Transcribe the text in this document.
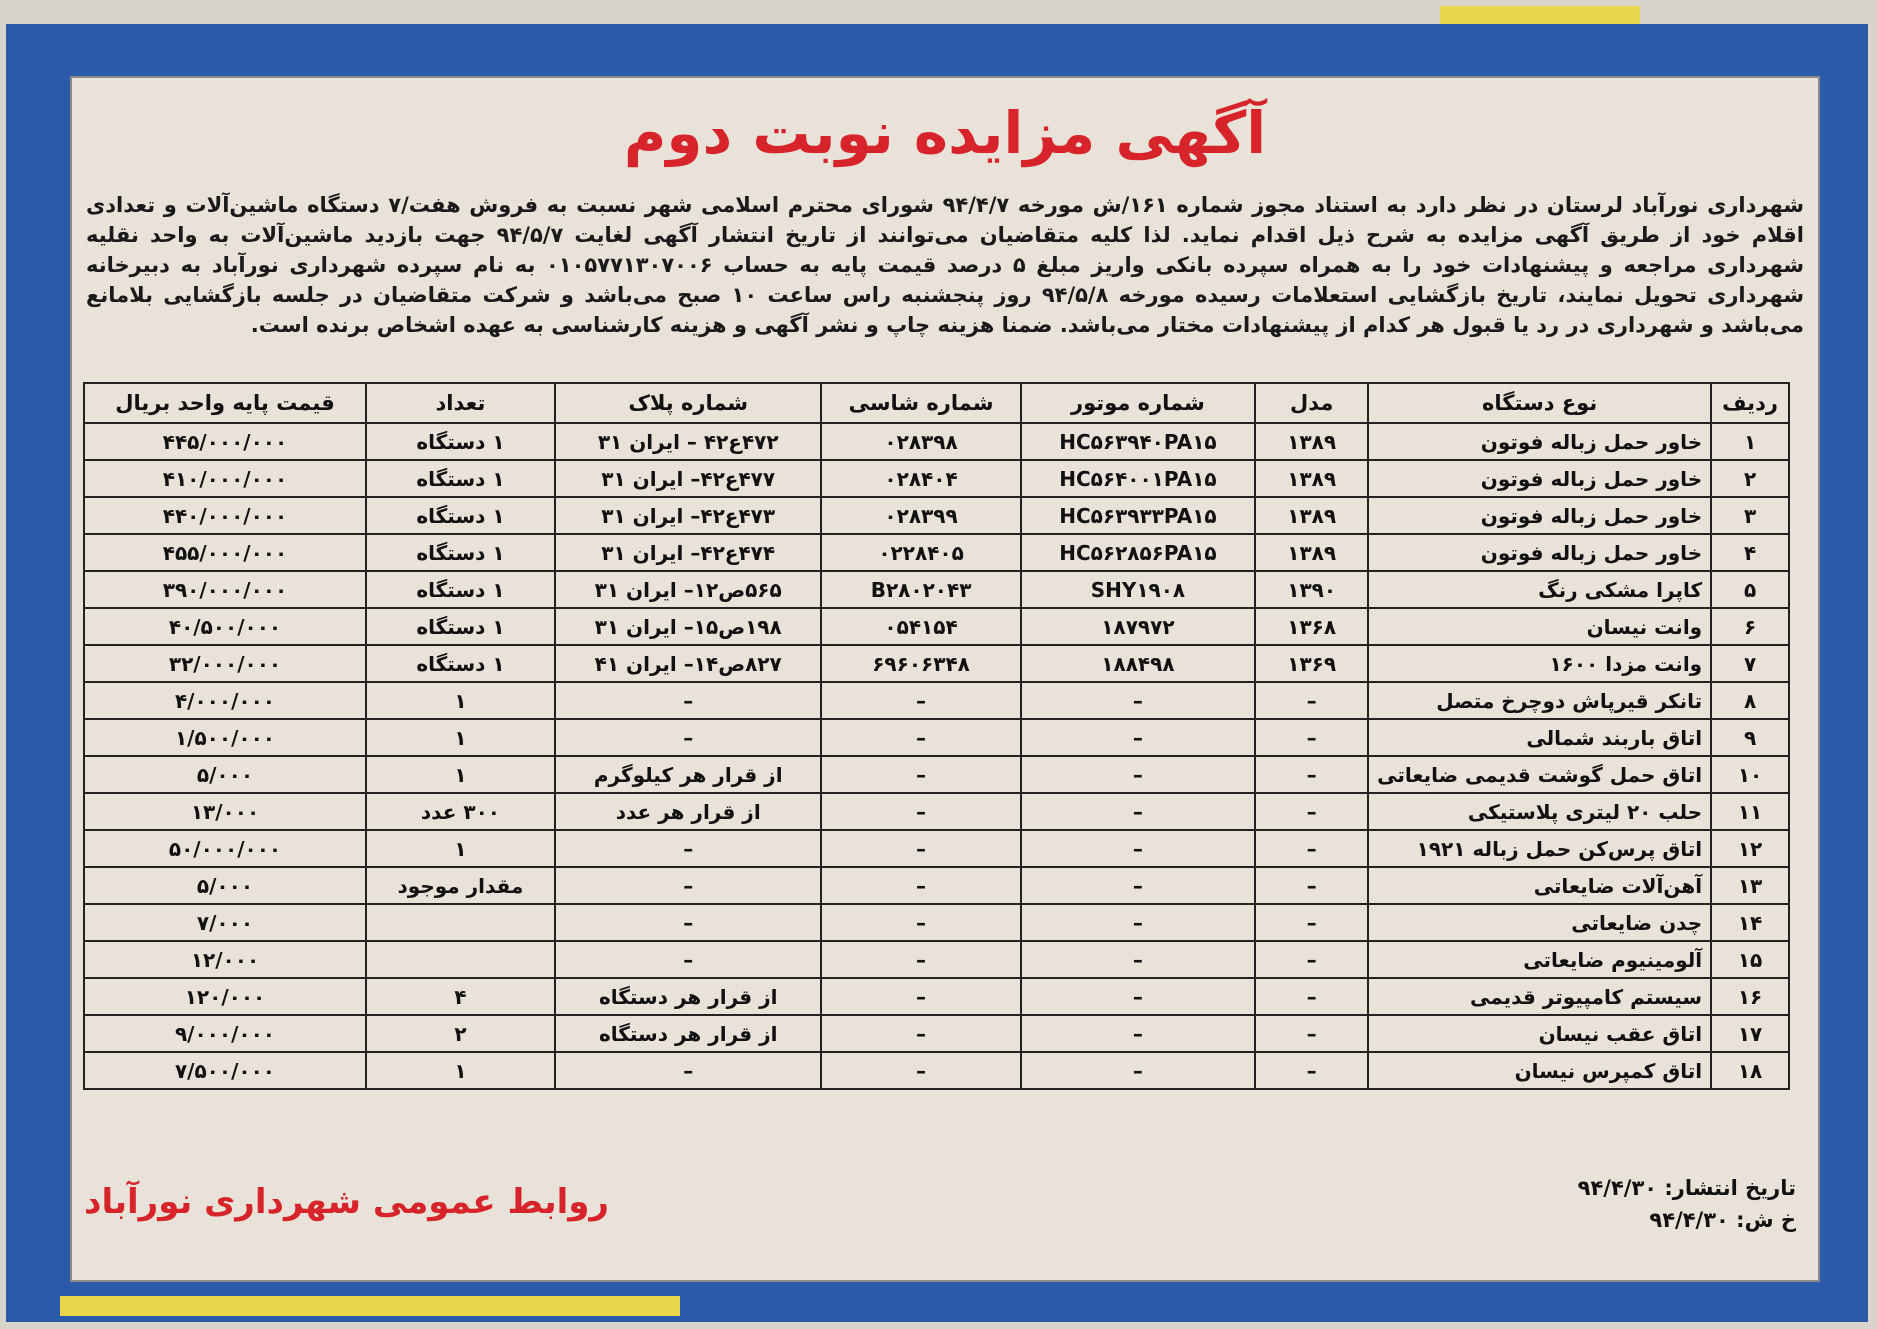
آگهی مزایده نوبت دوم

شهرداری نورآباد لرستان در نظر دارد به استناد مجوز شماره ۱۶۱/ش مورخه ۹۴/۴/۷ شورای محترم اسلامی شهر نسبت به فروش هفت/۷ دستگاه ماشین‌آلات و تعدادی اقلام خود از طریق آگهی مزایده به شرح ذیل اقدام نماید. لذا کلیه متقاضیان می‌توانند از تاریخ انتشار آگهی لغایت ۹۴/۵/۷ جهت بازدید ماشین‌آلات به واحد نقلیه شهرداری مراجعه و پیشنهادات خود را به همراه سپرده بانکی واریز مبلغ ۵ درصد قیمت پایه به حساب ۰۱۰۵۷۷۱۳۰۷۰۰۶ به نام سپرده شهرداری نورآباد به دبیرخانه شهرداری تحویل نمایند، تاریخ بازگشایی استعلامات رسیده مورخه ۹۴/۵/۸ روز پنجشنبه راس ساعت ۱۰ صبح می‌باشد و شرکت متقاضیان در جلسه بازگشایی بلامانع می‌باشد و شهرداری در رد یا قبول هر کدام از پیشنهادات مختار می‌باشد. ضمنا هزینه چاپ و نشر آگهی و هزینه کارشناسی به عهده اشخاص برنده است.

ردیف	نوع دستگاه	مدل	شماره موتور	شماره شاسی	شماره پلاک	تعداد	قیمت پایه واحد بریال
۱	خاور حمل زباله فوتون	۱۳۸۹	HC۵۶۳۹۴۰PA۱۵	۰۲۸۳۹۸	۴۷۲ع۴۲ – ایران ۳۱	۱ دستگاه	۴۴۵/۰۰۰/۰۰۰
۲	خاور حمل زباله فوتون	۱۳۸۹	HC۵۶۴۰۰۱PA۱۵	۰۲۸۴۰۴	۴۷۷ع۴۲– ایران ۳۱	۱ دستگاه	۴۱۰/۰۰۰/۰۰۰
۳	خاور حمل زباله فوتون	۱۳۸۹	HC۵۶۳۹۳۳PA۱۵	۰۲۸۳۹۹	۴۷۳ع۴۲– ایران ۳۱	۱ دستگاه	۴۴۰/۰۰۰/۰۰۰
۴	خاور حمل زباله فوتون	۱۳۸۹	HC۵۶۲۸۵۶PA۱۵	۰۲۲۸۴۰۵	۴۷۴ع۴۲– ایران ۳۱	۱ دستگاه	۴۵۵/۰۰۰/۰۰۰
۵	کاپرا مشکی رنگ	۱۳۹۰	SHY۱۹۰۸	B۲۸۰۲۰۴۳	۵۶۵ص۱۲– ایران ۳۱	۱ دستگاه	۳۹۰/۰۰۰/۰۰۰
۶	وانت نیسان	۱۳۶۸	۱۸۷۹۷۲	۰۵۴۱۵۴	۱۹۸ص۱۵– ایران ۳۱	۱ دستگاه	۴۰/۵۰۰/۰۰۰
۷	وانت مزدا ۱۶۰۰	۱۳۶۹	۱۸۸۴۹۸	۶۹۶۰۶۳۴۸	۸۲۷ص۱۴– ایران ۴۱	۱ دستگاه	۳۲/۰۰۰/۰۰۰
۸	تانکر قیرپاش دوچرخ متصل	–	–	–	–	۱	۴/۰۰۰/۰۰۰
۹	اتاق باربند شمالی	–	–	–	–	۱	۱/۵۰۰/۰۰۰
۱۰	اتاق حمل گوشت قدیمی ضایعاتی	–	–	–	از قرار هر کیلوگرم	۱	۵/۰۰۰
۱۱	حلب ۲۰ لیتری پلاستیکی	–	–	–	از قرار هر عدد	۳۰۰ عدد	۱۳/۰۰۰
۱۲	اتاق پرس‌کن حمل زباله ۱۹۲۱	–	–	–	–	۱	۵۰/۰۰۰/۰۰۰
۱۳	آهن‌آلات ضایعاتی	–	–	–	–	مقدار موجود	۵/۰۰۰
۱۴	چدن ضایعاتی	–	–	–	–		۷/۰۰۰
۱۵	آلومینیوم ضایعاتی	–	–	–	–		۱۲/۰۰۰
۱۶	سیستم کامپیوتر قدیمی	–	–	–	از قرار هر دستگاه	۴	۱۲۰/۰۰۰
۱۷	اتاق عقب نیسان	–	–	–	از قرار هر دستگاه	۲	۹/۰۰۰/۰۰۰
۱۸	اتاق کمپرس نیسان	–	–	–	–	۱	۷/۵۰۰/۰۰۰
تاریخ انتشار: ۹۴/۴/۳۰
خ ش: ۹۴/۴/۳۰
روابط عمومی شهرداری نورآباد
